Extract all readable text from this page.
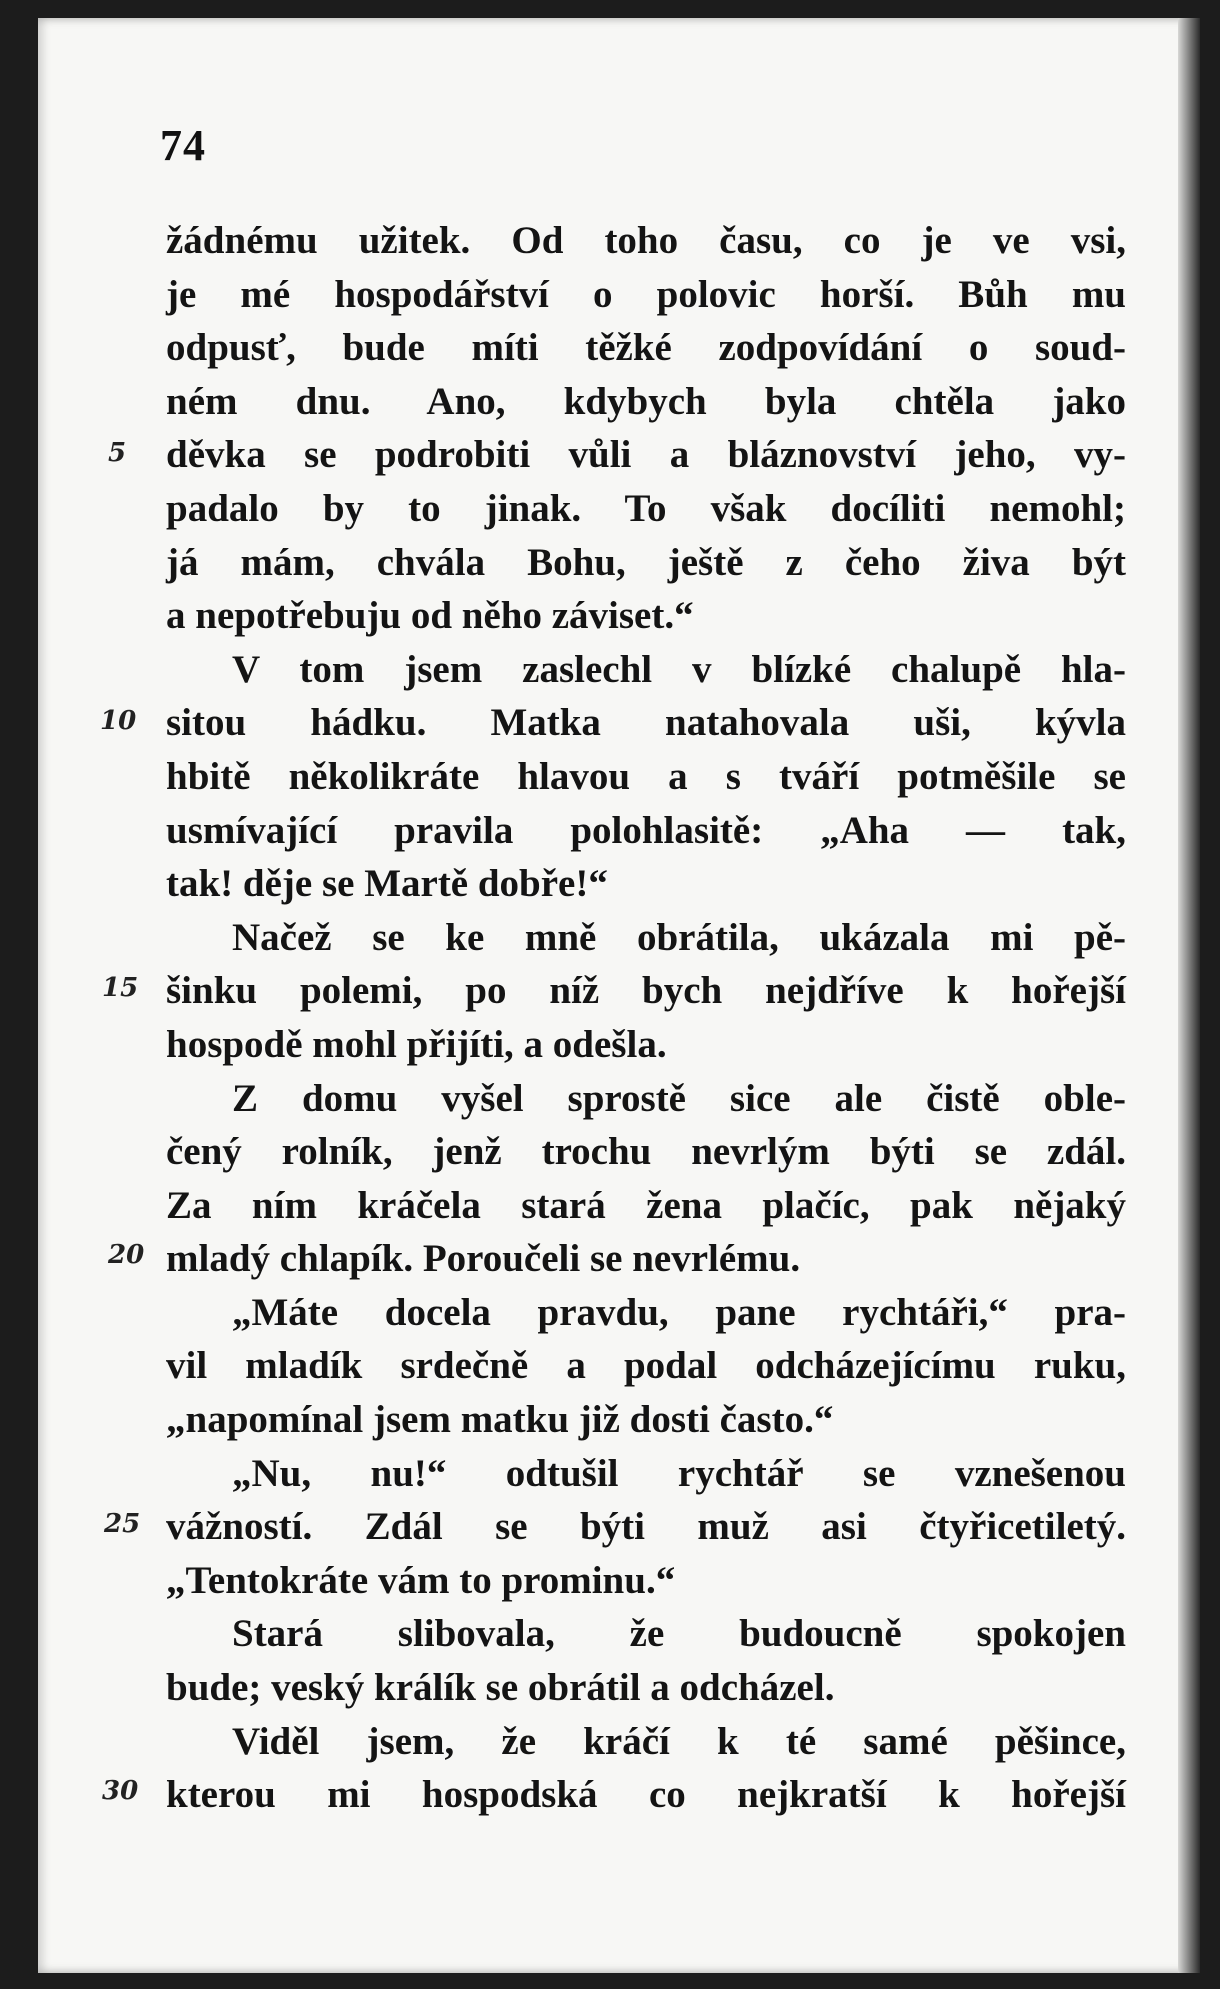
74
žádnému užitek. Od toho času, co je ve vsi,
je mé hospodářství o polovic horší. Bůh mu
odpusť, bude míti těžké zodpovídání o soud-
ném dnu. Ano, kdybych byla chtěla jako
děvka se podrobiti vůli a bláznovství jeho, vy-
padalo by to jinak. To však docíliti nemohl;
já mám, chvála Bohu, ještě z čeho živa být
a nepotřebuju od něho záviset.“
V tom jsem zaslechl v blízké chalupě hla-
sitou hádku. Matka natahovala uši, kývla
hbitě několikráte hlavou a s tváří potměšile se
usmívající pravila polohlasitě: „Aha — tak,
tak! děje se Martě dobře!“
Načež se ke mně obrátila, ukázala mi pě-
šinku polemi, po níž bych nejdříve k hořejší
hospodě mohl přijíti, a odešla.
Z domu vyšel sprostě sice ale čistě oble-
čený rolník, jenž trochu nevrlým býti se zdál.
Za ním kráčela stará žena plačíc, pak nějaký
mladý chlapík. Poroučeli se nevrlému.
„Máte docela pravdu, pane rychtáři,“ pra-
vil mladík srdečně a podal odcházejícímu ruku,
„napomínal jsem matku již dosti často.“
„Nu, nu!“ odtušil rychtář se vznešenou
vážností. Zdál se býti muž asi čtyřicetiletý.
„Tentokráte vám to prominu.“
Stará slibovala, že budoucně spokojen
bude; veský králík se obrátil a odcházel.
Viděl jsem, že kráčí k té samé pěšince,
kterou mi hospodská co nejkratší k hořejší
5
10
15
20
25
30
